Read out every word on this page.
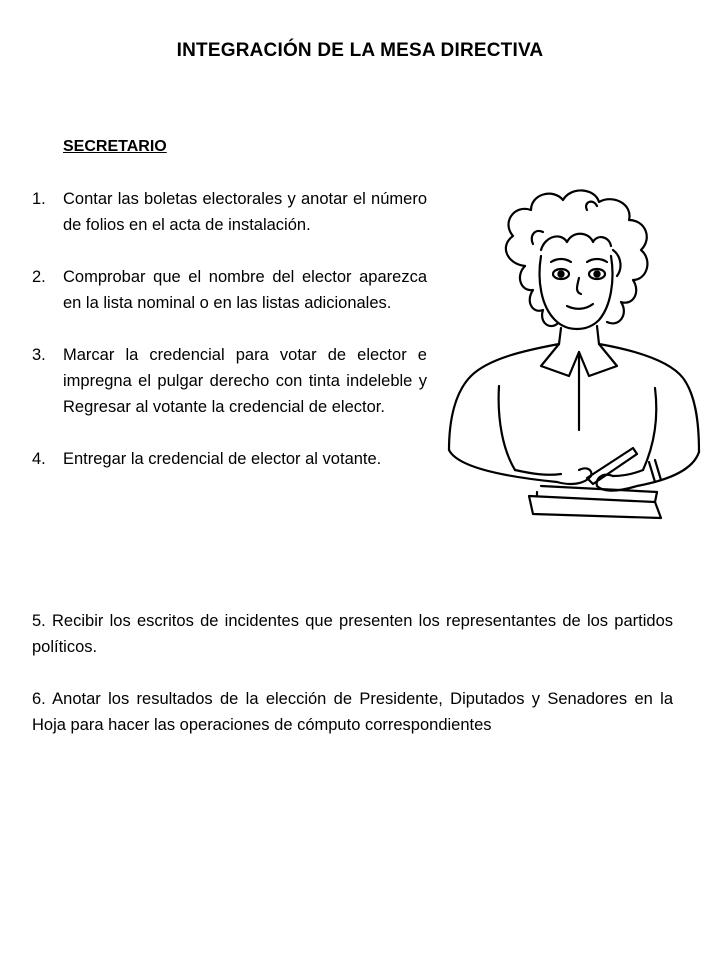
INTEGRACIÓN DE LA MESA DIRECTIVA
SECRETARIO
1.	Contar las boletas electorales y anotar el número de folios en el acta de instalación.
2.	Comprobar que el nombre del elector aparezca en la lista nominal o en las listas adicionales.
3.	Marcar la credencial para votar de elector e impregna el pulgar derecho con tinta indeleble y Regresar al votante la credencial de elector.
4.	Entregar la credencial de elector al votante.

5. Recibir los escritos de incidentes que presenten los representantes de los partidos políticos.

6. Anotar los resultados de la elección de Presidente, Diputados y Senadores en la Hoja para hacer las operaciones de cómputo correspondientes
